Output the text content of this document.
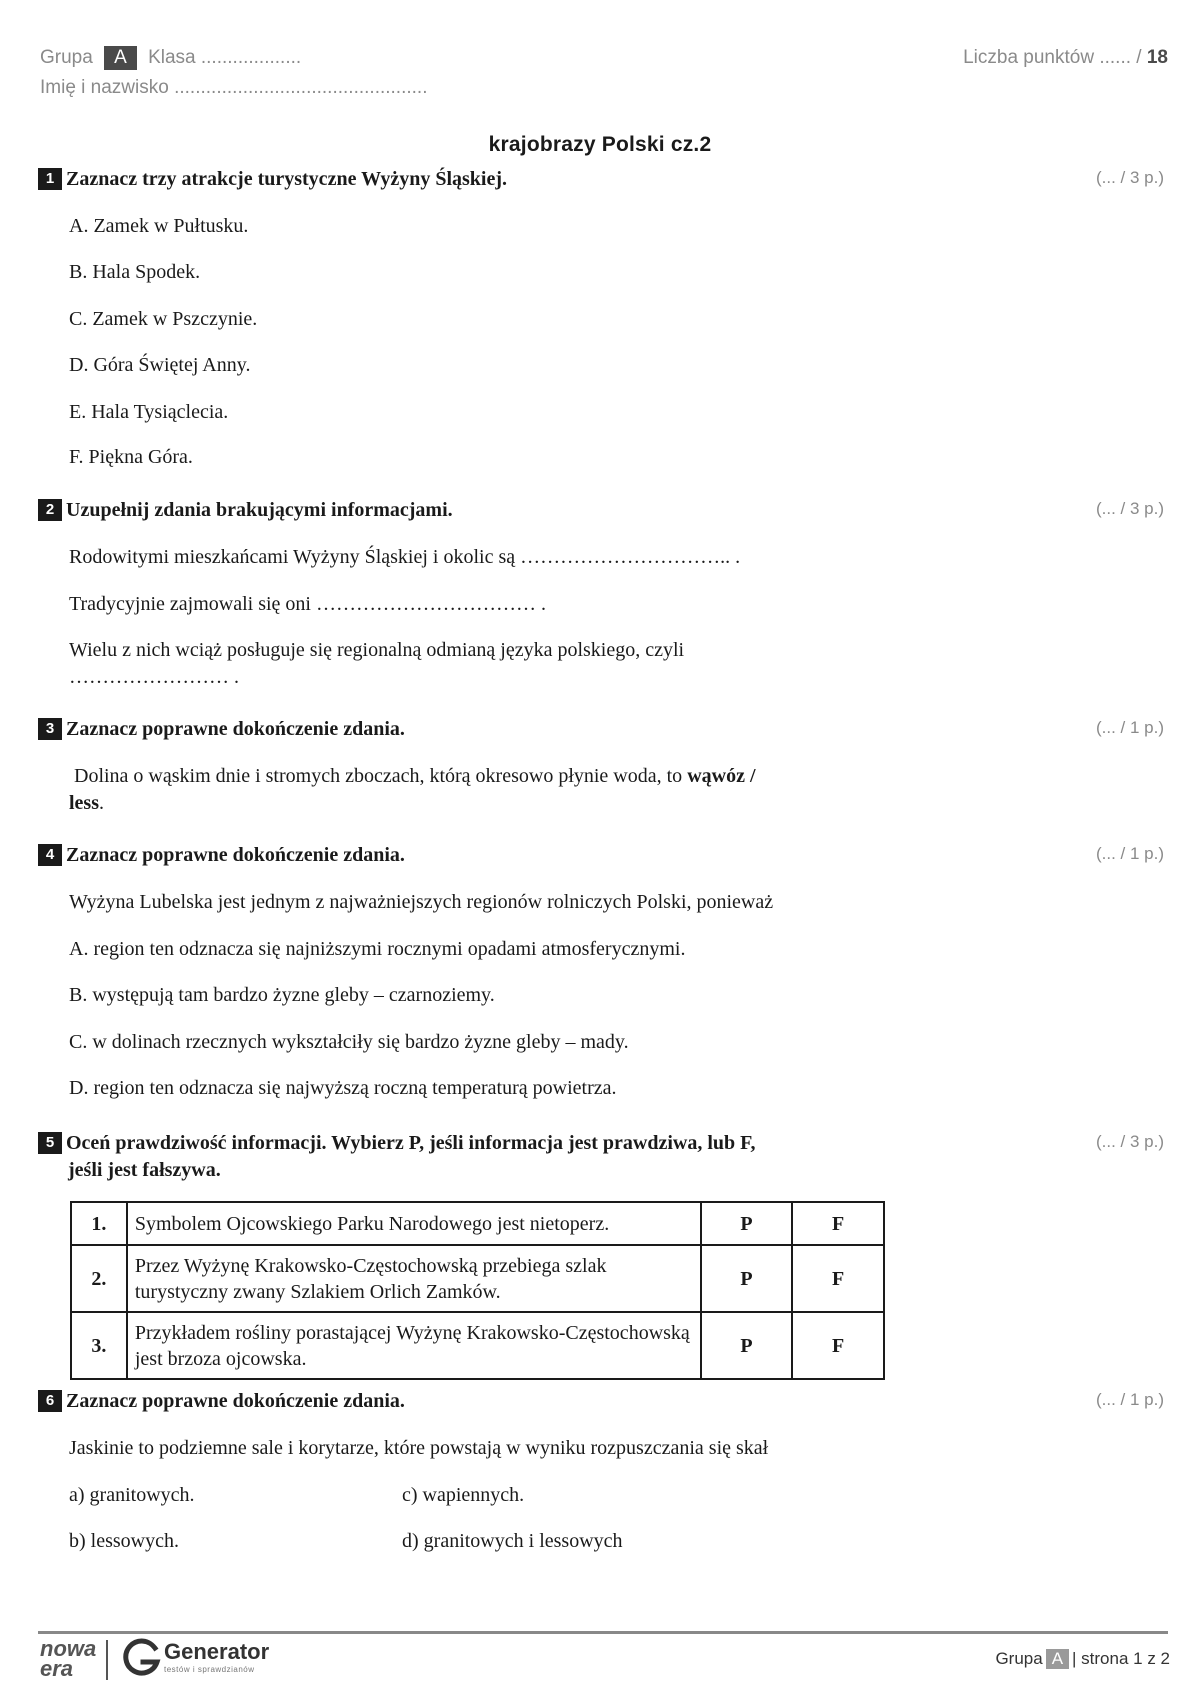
Grupa A Klasa ...................
Imię i nazwisko ................................................
Liczba punktów ...... / 18
krajobrazy Polski cz.2
1 Zaznacz trzy atrakcje turystyczne Wyżyny Śląskiej.	(... / 3 p.)
A. Zamek w Pułtusku.
B. Hala Spodek.
C. Zamek w Pszczynie.
D. Góra Świętej Anny.
E. Hala Tysiąclecia.
F. Piękna Góra.
2 Uzupełnij zdania brakującymi informacjami.	(... / 3 p.)
Rodowitymi mieszkańcami Wyżyny Śląskiej i okolic są ………………………….. .
Tradycyjnie zajmowali się oni …………………………… .
Wielu z nich wciąż posługuje się regionalną odmianą języka polskiego, czyli
…………………… .
3 Zaznacz poprawne dokończenie zdania.	(... / 1 p.)
Dolina o wąskim dnie i stromych zboczach, którą okresowo płynie woda, to wąwóz /
less.
4 Zaznacz poprawne dokończenie zdania.	(... / 1 p.)
Wyżyna Lubelska jest jednym z najważniejszych regionów rolniczych Polski, ponieważ
A. region ten odznacza się najniższymi rocznymi opadami atmosferycznymi.
B. występują tam bardzo żyzne gleby – czarnoziemy.
C. w dolinach rzecznych wykształciły się bardzo żyzne gleby – mady.
D. region ten odznacza się najwyższą roczną temperaturą powietrza.
5 Oceń prawdziwość informacji. Wybierz P, jeśli informacja jest prawdziwa, lub F,
jeśli jest fałszywa.
(... / 3 p.)
1.	Symbolem Ojcowskiego Parku Narodowego jest nietoperz.	P	F
2.	Przez Wyżynę Krakowsko-Częstochowską przebiega szlak turystyczny zwany Szlakiem Orlich Zamków.	P	F
3.	Przykładem rośliny porastającej Wyżynę Krakowsko-Częstochowską jest brzoza ojcowska.	P	F
6 Zaznacz poprawne dokończenie zdania.	(... / 1 p.)
Jaskinie to podziemne sale i korytarze, które powstają w wyniku rozpuszczania się skał
a) granitowych.	c) wapiennych.
b) lessowych.	d) granitowych i lessowych
nowa era
Generator
testów i sprawdzianów
Grupa A | strona 1 z 2
